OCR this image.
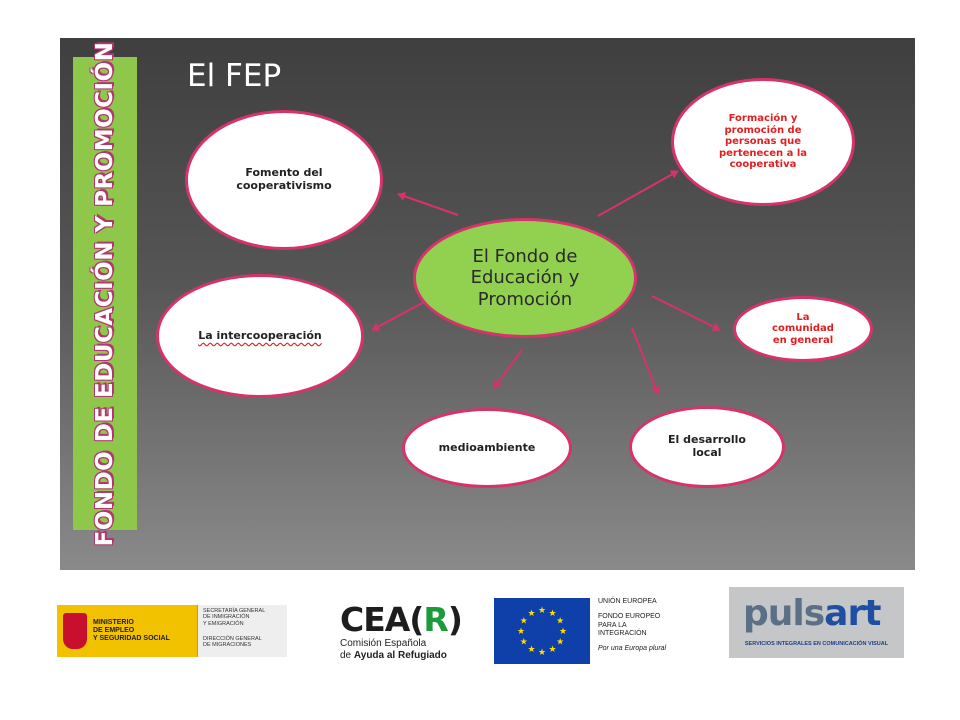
FONDO DE EDUCACIÓN Y PROMOCIÓN El FEP
Fomento del
cooperativismo
Formación y
promoción de
personas que
pertenecen a la
cooperativa
El Fondo de
Educación y
Promoción
La intercooperación
La
comunidad
en general
medioambiente
El desarrollo
local
MINISTERIO
DE EMPLEO
Y SEGURIDAD SOCIAL
SECRETARÍA GENERAL
DE INMIGRACIÓN
Y EMIGRACIÓN
DIRECCIÓN GENERAL
DE MIGRACIONES
CEA(R)
Comisión Española
de Ayuda al Refugiado
★ ★
★
★
★
★
★
★
★
★
★
★
UNIÓN EUROPEA
FONDO EUROPEO
PARA LA
INTEGRACIÓN
Por una Europa plural
pulsart
SERVICIOS INTEGRALES EN COMUNICACIÓN VISUAL
